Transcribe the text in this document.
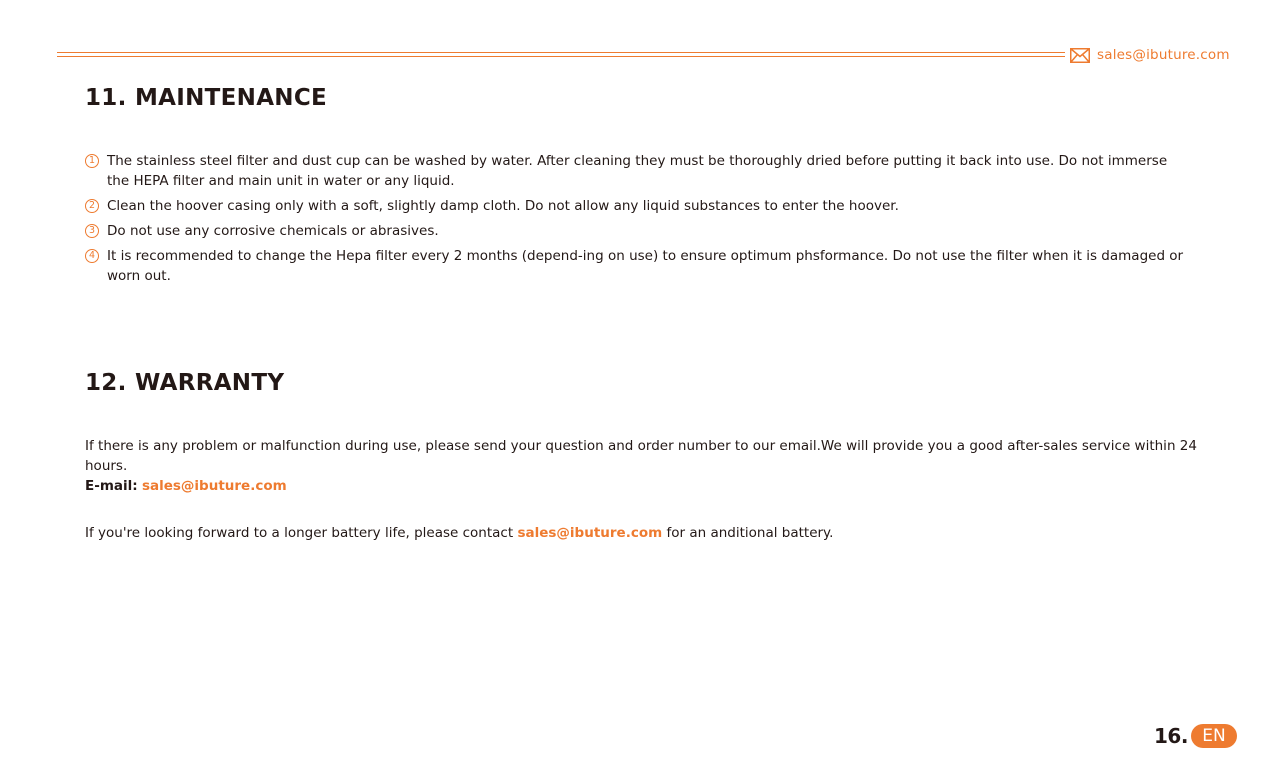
sales@ibuture.com
11. MAINTENANCE
1 The stainless steel filter and dust cup can be washed by water. After cleaning they must be thoroughly dried before putting it back into use. Do not immerse the HEPA filter and main unit in water or any liquid.
2 Clean the hoover casing only with a soft, slightly damp cloth. Do not allow any liquid substances to enter the hoover.
3 Do not use any corrosive chemicals or abrasives.
4 It is recommended to change the Hepa filter every 2 months (depend-ing on use) to ensure optimum phsformance. Do not use the filter when it is damaged or worn out.
12. WARRANTY

If there is any problem or malfunction during use, please send your question and order number to our email.We will provide you a good after-sales service within 24 hours.

E-mail: sales@ibuture.com

If you're looking forward to a longer battery life, please contact sales@ibuture.com for an anditional battery.

16. EN
